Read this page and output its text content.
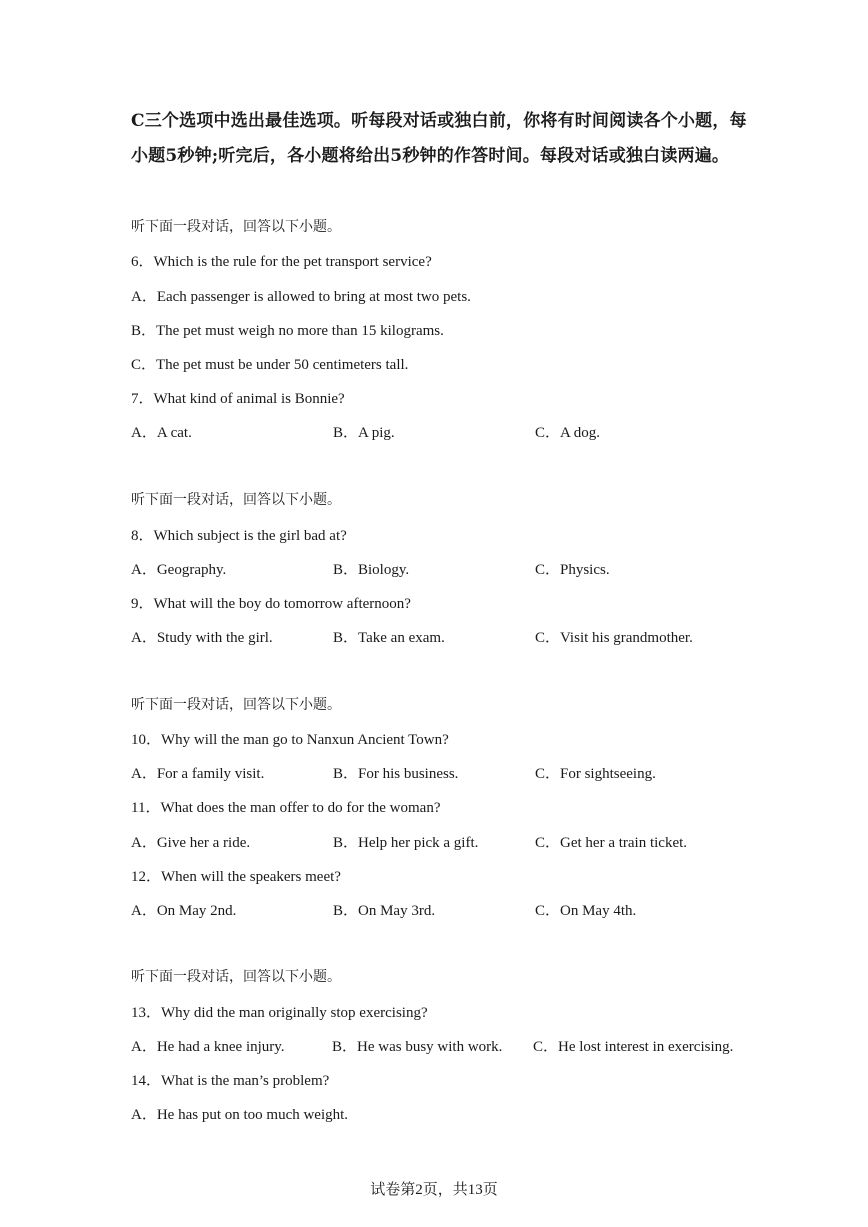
C三个选项中选出最佳选项。听每段对话或独白前，你将有时间阅读各个小题，每小题5秒钟;听完后，各小题将给出5秒钟的作答时间。每段对话或独白读两遍。
听下面一段对话，回答以下小题。
6．Which is the rule for the pet transport service?
A．Each passenger is allowed to bring at most two pets.
B．The pet must weigh no more than 15 kilograms.
C．The pet must be under 50 centimeters tall.
7．What kind of animal is Bonnie?
A．A cat.	B．A pig.	C．A dog.
听下面一段对话，回答以下小题。
8．Which subject is the girl bad at?
A．Geography.	B．Biology.	C．Physics.
9．What will the boy do tomorrow afternoon?
A．Study with the girl.	B．Take an exam.	C．Visit his grandmother.
听下面一段对话，回答以下小题。
10．Why will the man go to Nanxun Ancient Town?
A．For a family visit.	B．For his business.	C．For sightseeing.
11．What does the man offer to do for the woman?
A．Give her a ride.	B．Help her pick a gift.	C．Get her a train ticket.
12．When will the speakers meet?
A．On May 2nd.	B．On May 3rd.	C．On May 4th.
听下面一段对话，回答以下小题。
13．Why did the man originally stop exercising?
A．He had a knee injury.	B．He was busy with work. C．He lost interest in exercising.
14．What is the man’s problem?
A．He has put on too much weight.
试卷第2页，共13页
